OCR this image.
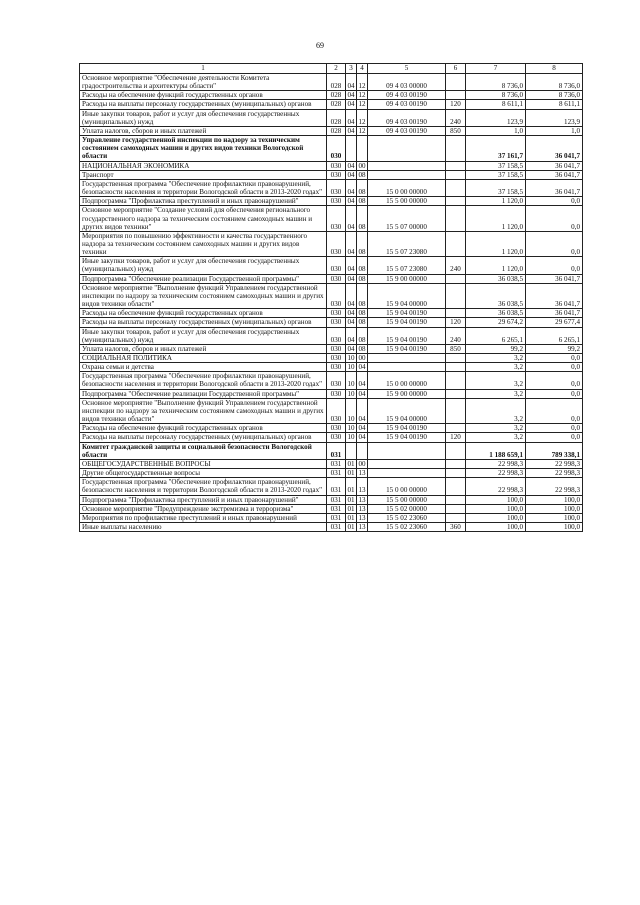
69
1	2	3	4	5	6	7	8
Основное мероприятие "Обеспечение деятельности Комитета градостроительства и архитектуры области"	028	04	12	09 4 03 00000		8 736,0	8 736,0
Расходы на обеспечение функций государственных органов	028	04	12	09 4 03 00190		8 736,0	8 736,0
Расходы на выплаты персоналу государственных (муниципальных) органов	028	04	12	09 4 03 00190	120	8 611,1	8 611,1
Иные закупки товаров, работ и услуг для обеспечения государственных (муниципальных) нужд	028	04	12	09 4 03 00190	240	123,9	123,9
Уплата налогов, сборов и иных платежей	028	04	12	09 4 03 00190	850	1,0	1,0
Управление государственной инспекции по надзору за техническим состоянием самоходных машин и других видов техники Вологодской области	030					37 161,7	36 041,7
НАЦИОНАЛЬНАЯ ЭКОНОМИКА	030	04	00			37 158,5	36 041,7
Транспорт	030	04	08			37 158,5	36 041,7
Государственная программа "Обеспечение профилактики правонарушений, безопасности населения и территории Вологодской области в 2013-2020 годах"	030	04	08	15 0 00 00000		37 158,5	36 041,7
Подпрограмма "Профилактика преступлений и иных правонарушений"	030	04	08	15 5 00 00000		1 120,0	0,0
Основное мероприятие "Создание условий для обеспечения регионального государственного надзора за техническим состоянием самоходных машин и других видов техники"	030	04	08	15 5 07 00000		1 120,0	0,0
Мероприятия по повышению эффективности и качества государственного надзора за техническим состоянием самоходных машин и других видов техники	030	04	08	15 5 07 23080		1 120,0	0,0
Иные закупки товаров, работ и услуг для обеспечения государственных (муниципальных) нужд	030	04	08	15 5 07 23080	240	1 120,0	0,0
Подпрограмма "Обеспечение реализации Государственной программы"	030	04	08	15 9 00 00000		36 038,5	36 041,7
Основное мероприятие "Выполнение функций Управлением государственной инспекции по надзору за техническим состоянием самоходных машин и других видов техники области"	030	04	08	15 9 04 00000		36 038,5	36 041,7
Расходы на обеспечение функций государственных органов	030	04	08	15 9 04 00190		36 038,5	36 041,7
Расходы на выплаты персоналу государственных (муниципальных) органов	030	04	08	15 9 04 00190	120	29 674,2	29 677,4
Иные закупки товаров, работ и услуг для обеспечения государственных (муниципальных) нужд	030	04	08	15 9 04 00190	240	6 265,1	6 265,1
Уплата налогов, сборов и иных платежей	030	04	08	15 9 04 00190	850	99,2	99,2
СОЦИАЛЬНАЯ ПОЛИТИКА	030	10	00			3,2	0,0
Охрана семьи и детства	030	10	04			3,2	0,0
Государственная программа "Обеспечение профилактики правонарушений, безопасности населения и территории Вологодской области в 2013-2020 годах"	030	10	04	15 0 00 00000		3,2	0,0
Подпрограмма "Обеспечение реализации Государственной программы"	030	10	04	15 9 00 00000		3,2	0,0
Основное мероприятие "Выполнение функций Управлением государственной инспекции по надзору за техническим состоянием самоходных машин и других видов техники области"	030	10	04	15 9 04 00000		3,2	0,0
Расходы на обеспечение функций государственных органов	030	10	04	15 9 04 00190		3,2	0,0
Расходы на выплаты персоналу государственных (муниципальных) органов	030	10	04	15 9 04 00190	120	3,2	0,0
Комитет гражданской защиты и социальной безопасности Вологодской области	031					1 188 659,1	789 338,1
ОБЩЕГОСУДАРСТВЕННЫЕ ВОПРОСЫ	031	01	00			22 998,3	22 998,3
Другие общегосударственные вопросы	031	01	13			22 998,3	22 998,3
Государственная программа "Обеспечение профилактики правонарушений, безопасности населения и территории Вологодской области в 2013-2020 годах"	031	01	13	15 0 00 00000		22 998,3	22 998,3
Подпрограмма "Профилактика преступлений и иных правонарушений"	031	01	13	15 5 00 00000		100,0	100,0
Основное мероприятие "Предупреждение экстремизма и терроризма"	031	01	13	15 5 02 00000		100,0	100,0
Мероприятия по профилактике преступлений и иных правонарушений	031	01	13	15 5 02 23060		100,0	100,0
Иные выплаты населению	031	01	13	15 5 02 23060	360	100,0	100,0
